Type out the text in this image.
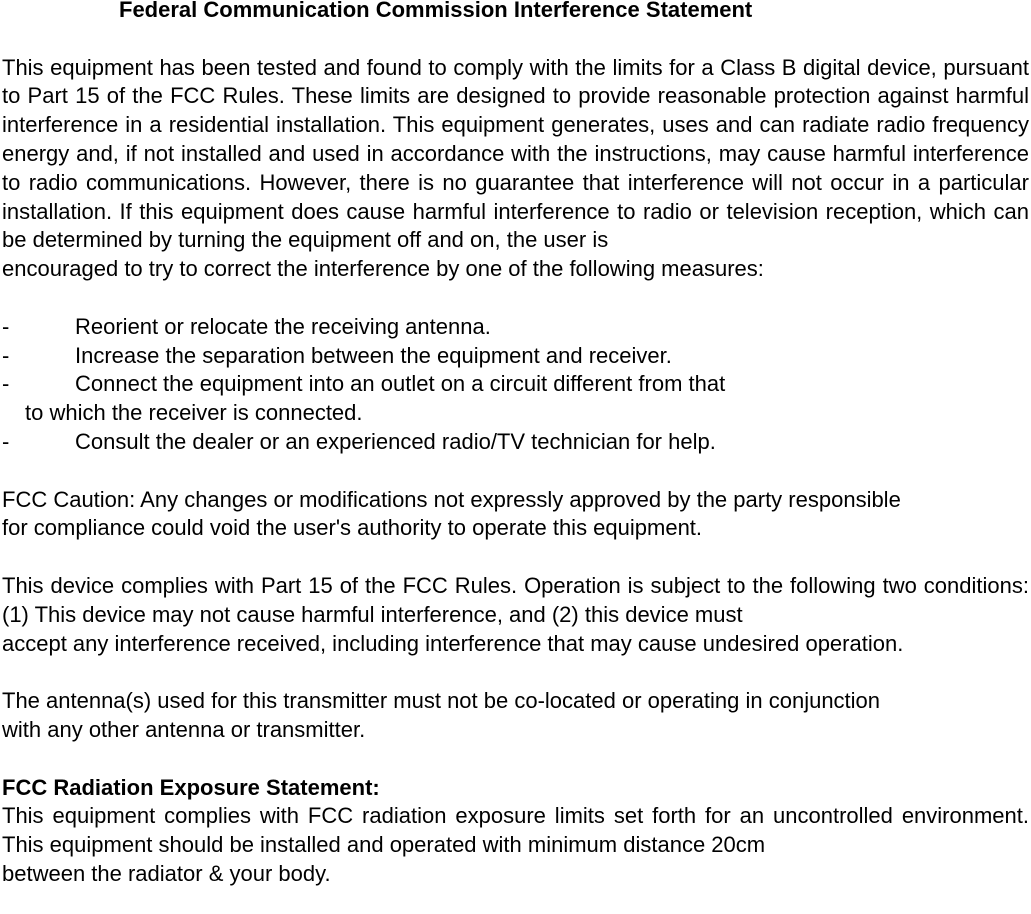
Federal Communication Commission Interference Statement

This equipment has been tested and found to comply with the limits for a Class B digital device, pursuant to Part 15 of the FCC Rules. These limits are designed to provide reasonable protection against harmful interference in a residential installation. This equipment generates, uses and can radiate radio frequency energy and, if not installed and used in accordance with the instructions, may cause harmful interference to radio communications. However, there is no guarantee that interference will not occur in a particular installation. If this equipment does cause harmful interference to radio or television reception, which can be determined by turning the equipment off and on, the user is

encouraged to try to correct the interference by one of the following measures:
-	Reorient or relocate the receiving antenna.
-	Increase the separation between the equipment and receiver.
-	Connect the equipment into an outlet on a circuit different from that
to which the receiver is connected.
-	Consult the dealer or an experienced radio/TV technician for help.

FCC Caution: Any changes or modifications not expressly approved by the party responsible

for compliance could void the user's authority to operate this equipment.

This device complies with Part 15 of the FCC Rules. Operation is subject to the following two conditions: (1) This device may not cause harmful interference, and (2) this device must

accept any interference received, including interference that may cause undesired operation.

The antenna(s) used for this transmitter must not be co-located or operating in conjunction

with any other antenna or transmitter.
FCC Radiation Exposure Statement:

This equipment complies with FCC radiation exposure limits set forth for an uncontrolled environment. This equipment should be installed and operated with minimum distance 20cm

between the radiator & your body.
